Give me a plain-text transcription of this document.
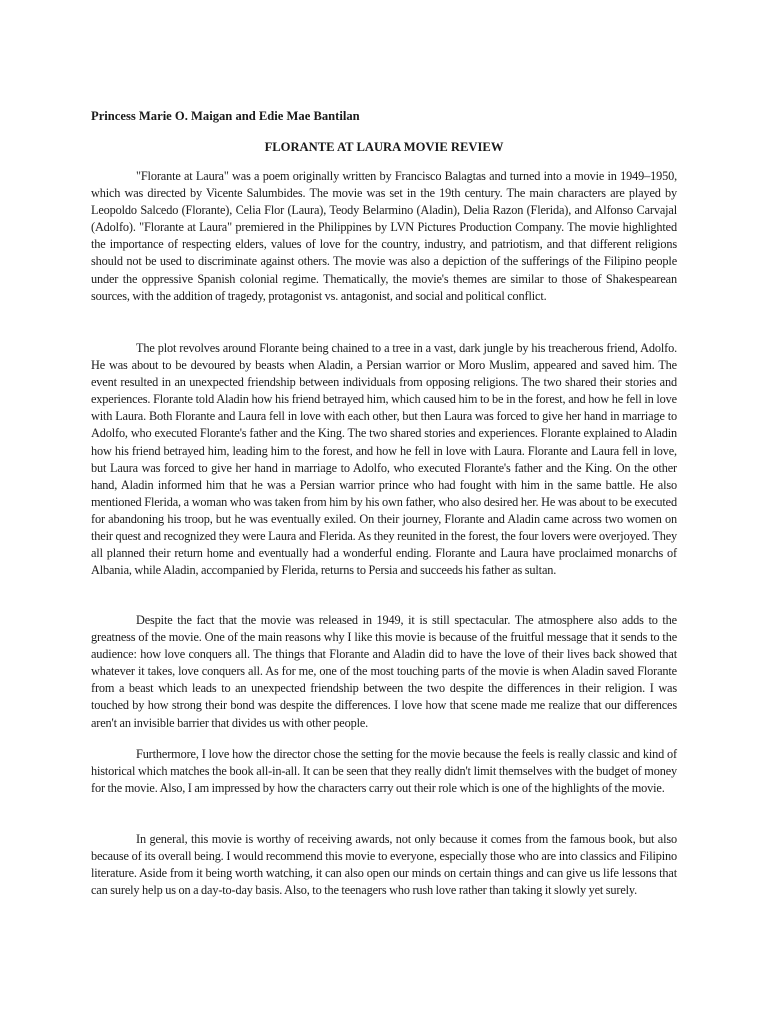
Princess Marie O. Maigan and Edie Mae Bantilan
FLORANTE AT LAURA MOVIE REVIEW

"Florante at Laura" was a poem originally written by Francisco Balagtas and turned into a movie in 1949–1950, which was directed by Vicente Salumbides. The movie was set in the 19th century. The main characters are played by Leopoldo Salcedo (Florante), Celia Flor (Laura), Teody Belarmino (Aladin), Delia Razon (Flerida), and Alfonso Carvajal (Adolfo). "Florante at Laura" premiered in the Philippines by LVN Pictures Production Company. The movie highlighted the importance of respecting elders, values of love for the country, industry, and patriotism, and that different religions should not be used to discriminate against others. The movie was also a depiction of the sufferings of the Filipino people under the oppressive Spanish colonial regime. Thematically, the movie's themes are similar to those of Shakespearean sources, with the addition of tragedy, protagonist vs. antagonist, and social and political conflict.

The plot revolves around Florante being chained to a tree in a vast, dark jungle by his treacherous friend, Adolfo. He was about to be devoured by beasts when Aladin, a Persian warrior or Moro Muslim, appeared and saved him. The event resulted in an unexpected friendship between individuals from opposing religions. The two shared their stories and experiences. Florante told Aladin how his friend betrayed him, which caused him to be in the forest, and how he fell in love with Laura. Both Florante and Laura fell in love with each other, but then Laura was forced to give her hand in marriage to Adolfo, who executed Florante's father and the King. The two shared stories and experiences. Florante explained to Aladin how his friend betrayed him, leading him to the forest, and how he fell in love with Laura. Florante and Laura fell in love, but Laura was forced to give her hand in marriage to Adolfo, who executed Florante's father and the King. On the other hand, Aladin informed him that he was a Persian warrior prince who had fought with him in the same battle. He also mentioned Flerida, a woman who was taken from him by his own father, who also desired her. He was about to be executed for abandoning his troop, but he was eventually exiled. On their journey, Florante and Aladin came across two women on their quest and recognized they were Laura and Flerida. As they reunited in the forest, the four lovers were overjoyed. They all planned their return home and eventually had a wonderful ending. Florante and Laura have proclaimed monarchs of Albania, while Aladin, accompanied by Flerida, returns to Persia and succeeds his father as sultan.

Despite the fact that the movie was released in 1949, it is still spectacular. The atmosphere also adds to the greatness of the movie. One of the main reasons why I like this movie is because of the fruitful message that it sends to the audience: how love conquers all. The things that Florante and Aladin did to have the love of their lives back showed that whatever it takes, love conquers all. As for me, one of the most touching parts of the movie is when Aladin saved Florante from a beast which leads to an unexpected friendship between the two despite the differences in their religion. I was touched by how strong their bond was despite the differences. I love how that scene made me realize that our differences aren't an invisible barrier that divides us with other people.

Furthermore, I love how the director chose the setting for the movie because the feels is really classic and kind of historical which matches the book all-in-all. It can be seen that they really didn't limit themselves with the budget of money for the movie. Also, I am impressed by how the characters carry out their role which is one of the highlights of the movie.

In general, this movie is worthy of receiving awards, not only because it comes from the famous book, but also because of its overall being. I would recommend this movie to everyone, especially those who are into classics and Filipino literature. Aside from it being worth watching, it can also open our minds on certain things and can give us life lessons that can surely help us on a day-to-day basis. Also, to the teenagers who rush love rather than taking it slowly yet surely.
